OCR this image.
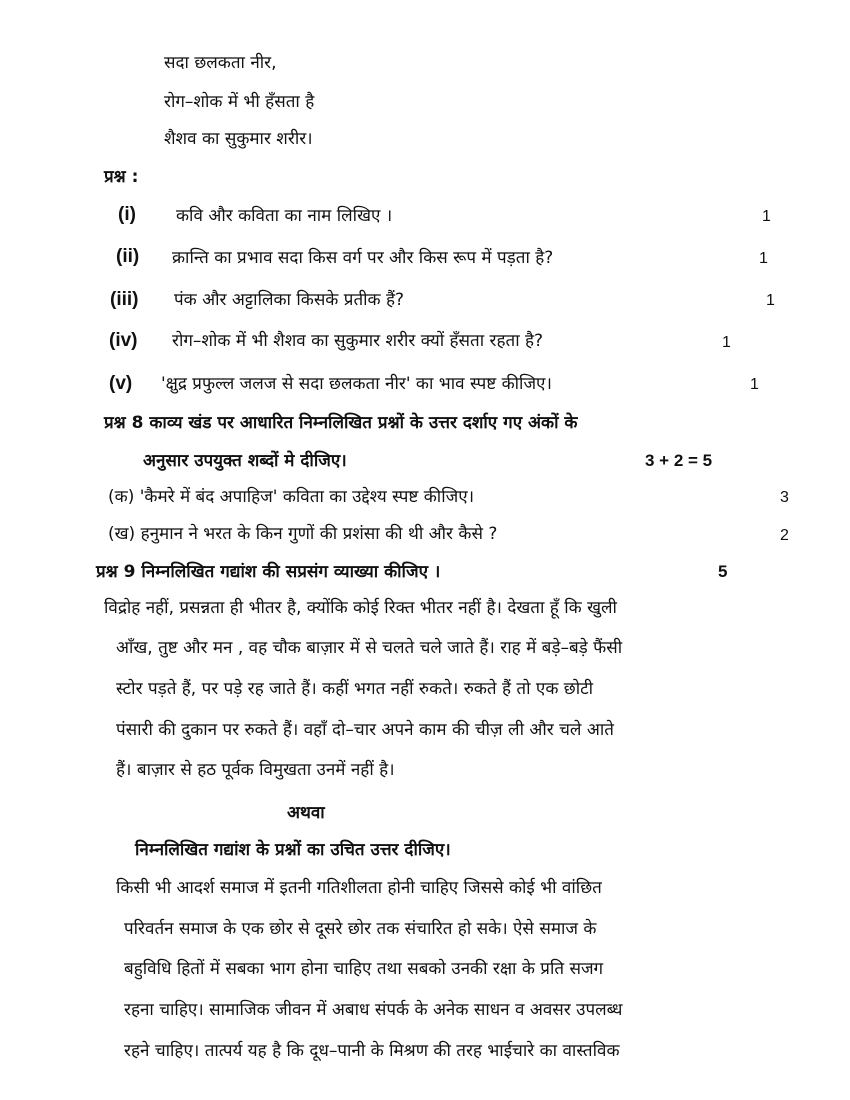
सदा छलकता नीर,
रोग–शोक में भी हँसता है
शैशव का सुकुमार शरीर।
प्रश्न :
(i) कवि और कविता का नाम लिखिए ।	1
(ii) क्रान्ति का प्रभाव सदा किस वर्ग पर और किस रूप में पड़ता है?	1
(iii) पंक और अट्टालिका किसके प्रतीक हैं?	1
(iv) रोग–शोक में भी शैशव का सुकुमार शरीर क्यों हँसता रहता है?	1
(v) 'क्षुद्र प्रफुल्ल जलज से सदा छलकता नीर' का भाव स्पष्ट कीजिए।	1
प्रश्न 8 काव्य खंड पर आधारित निम्नलिखित प्रश्नों के उत्तर दर्शाए गए अंकों के
अनुसार उपयुक्त शब्दों मे दीजिए।	3 + 2 = 5
(क) 'कैमरे में बंद अपाहिज' कविता का उद्देश्य स्पष्ट कीजिए।	3
(ख) हनुमान ने भरत के किन गुणों की प्रशंसा की थी और कैसे ?	2
प्रश्न 9 निम्नलिखित गद्यांश की सप्रसंग व्याख्या कीजिए ।	5
विद्रोह नहीं, प्रसन्नता ही भीतर है, क्योंकि कोई रिक्त भीतर नहीं है। देखता हूँ कि खुली
आँख, तुष्ट और मन , वह चौक बाज़ार में से चलते चले जाते हैं। राह में बड़े–बड़े फैंसी
स्टोर पड़ते हैं, पर पड़े रह जाते हैं। कहीं भगत नहीं रुकते। रुकते हैं तो एक छोटी
पंसारी की दुकान पर रुकते हैं। वहाँ दो–चार अपने काम की चीज़ ली और चले आते
हैं। बाज़ार से हठ पूर्वक विमुखता उनमें नहीं है।
अथवा
निम्नलिखित गद्यांश के प्रश्नों का उचित उत्तर दीजिए।
किसी भी आदर्श समाज में इतनी गतिशीलता होनी चाहिए जिससे कोई भी वांछित
परिवर्तन समाज के एक छोर से दूसरे छोर तक संचारित हो सके। ऐसे समाज के
बहुविधि हितों में सबका भाग होना चाहिए तथा सबको उनकी रक्षा के प्रति सजग
रहना चाहिए। सामाजिक जीवन में अबाध संपर्क के अनेक साधन व अवसर उपलब्ध
रहने चाहिए। तात्पर्य यह है कि दूध–पानी के मिश्रण की तरह भाईचारे का वास्तविक
